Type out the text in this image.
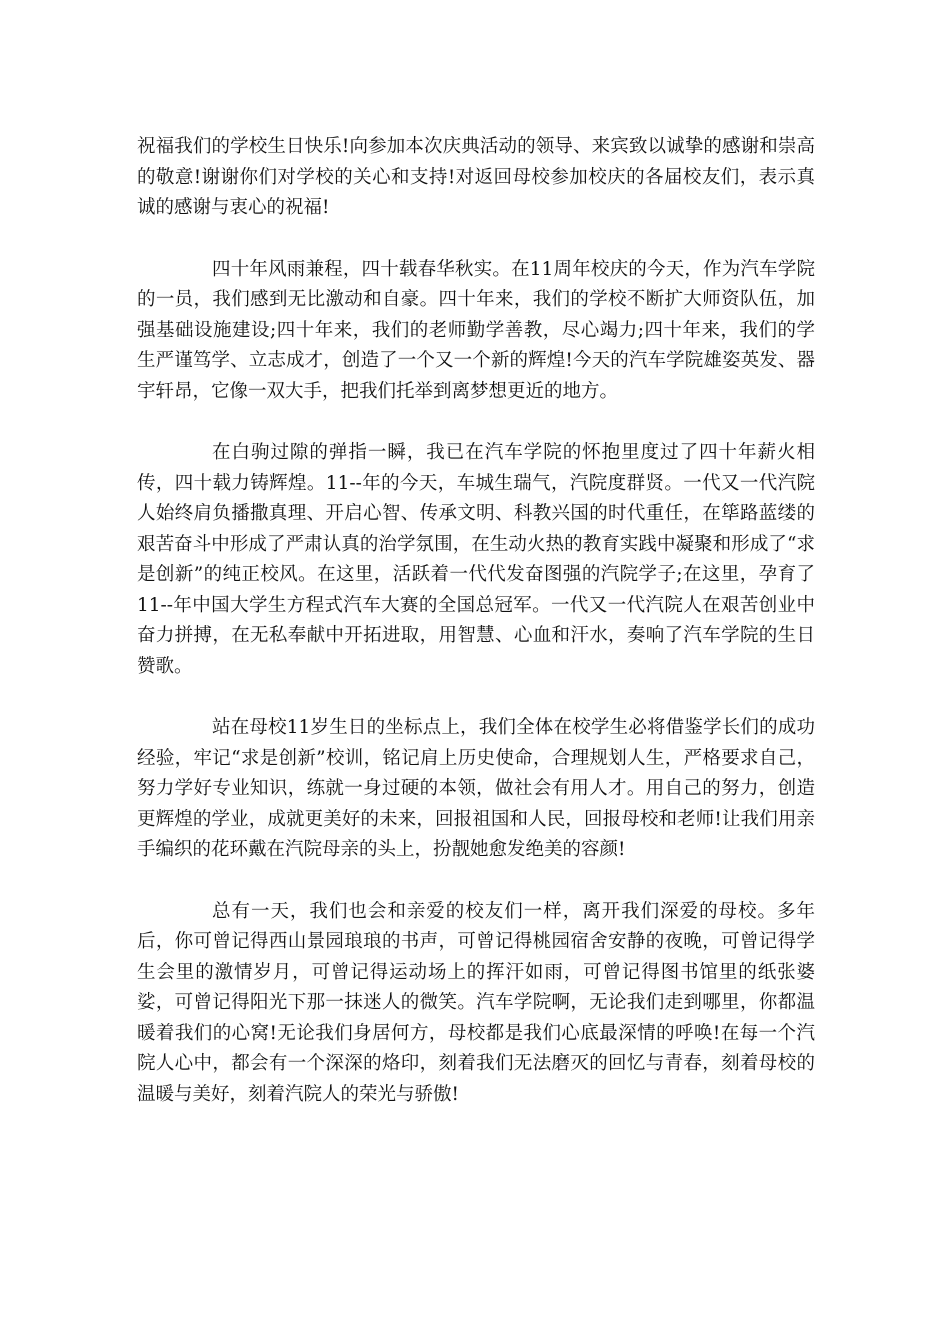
祝福我们的学校生日快乐!向参加本次庆典活动的领导、来宾致以诚挚的感谢和崇高的敬意!谢谢你们对学校的关心和支持!对返回母校参加校庆的各届校友们，表示真诚的感谢与衷心的祝福!

四十年风雨兼程，四十载春华秋实。在11周年校庆的今天，作为汽车学院的一员，我们感到无比激动和自豪。四十年来，我们的学校不断扩大师资队伍，加强基础设施建设;四十年来，我们的老师勤学善教，尽心竭力;四十年来，我们的学生严谨笃学、立志成才，创造了一个又一个新的辉煌!今天的汽车学院雄姿英发、器宇轩昂，它像一双大手，把我们托举到离梦想更近的地方。

在白驹过隙的弹指一瞬，我已在汽车学院的怀抱里度过了四十年薪火相传，四十载力铸辉煌。11--年的今天，车城生瑞气，汽院度群贤。一代又一代汽院人始终肩负播撒真理、开启心智、传承文明、科教兴国的时代重任，在筚路蓝缕的艰苦奋斗中形成了严肃认真的治学氛围，在生动火热的教育实践中凝聚和形成了“求是创新”的纯正校风。在这里，活跃着一代代发奋图强的汽院学子;在这里，孕育了11--年中国大学生方程式汽车大赛的全国总冠军。一代又一代汽院人在艰苦创业中奋力拼搏，在无私奉献中开拓进取，用智慧、心血和汗水，奏响了汽车学院的生日赞歌。

站在母校11岁生日的坐标点上，我们全体在校学生必将借鉴学长们的成功经验，牢记“求是创新”校训，铭记肩上历史使命，合理规划人生，严格要求自己，努力学好专业知识，练就一身过硬的本领，做社会有用人才。用自己的努力，创造更辉煌的学业，成就更美好的未来，回报祖国和人民，回报母校和老师!让我们用亲手编织的花环戴在汽院母亲的头上，扮靓她愈发绝美的容颜!

总有一天，我们也会和亲爱的校友们一样，离开我们深爱的母校。多年后，你可曾记得西山景园琅琅的书声，可曾记得桃园宿舍安静的夜晚，可曾记得学生会里的激情岁月，可曾记得运动场上的挥汗如雨，可曾记得图书馆里的纸张婆娑，可曾记得阳光下那一抹迷人的微笑。汽车学院啊，无论我们走到哪里，你都温暖着我们的心窝!无论我们身居何方，母校都是我们心底最深情的呼唤!在每一个汽院人心中，都会有一个深深的烙印，刻着我们无法磨灭的回忆与青春，刻着母校的温暖与美好，刻着汽院人的荣光与骄傲!
